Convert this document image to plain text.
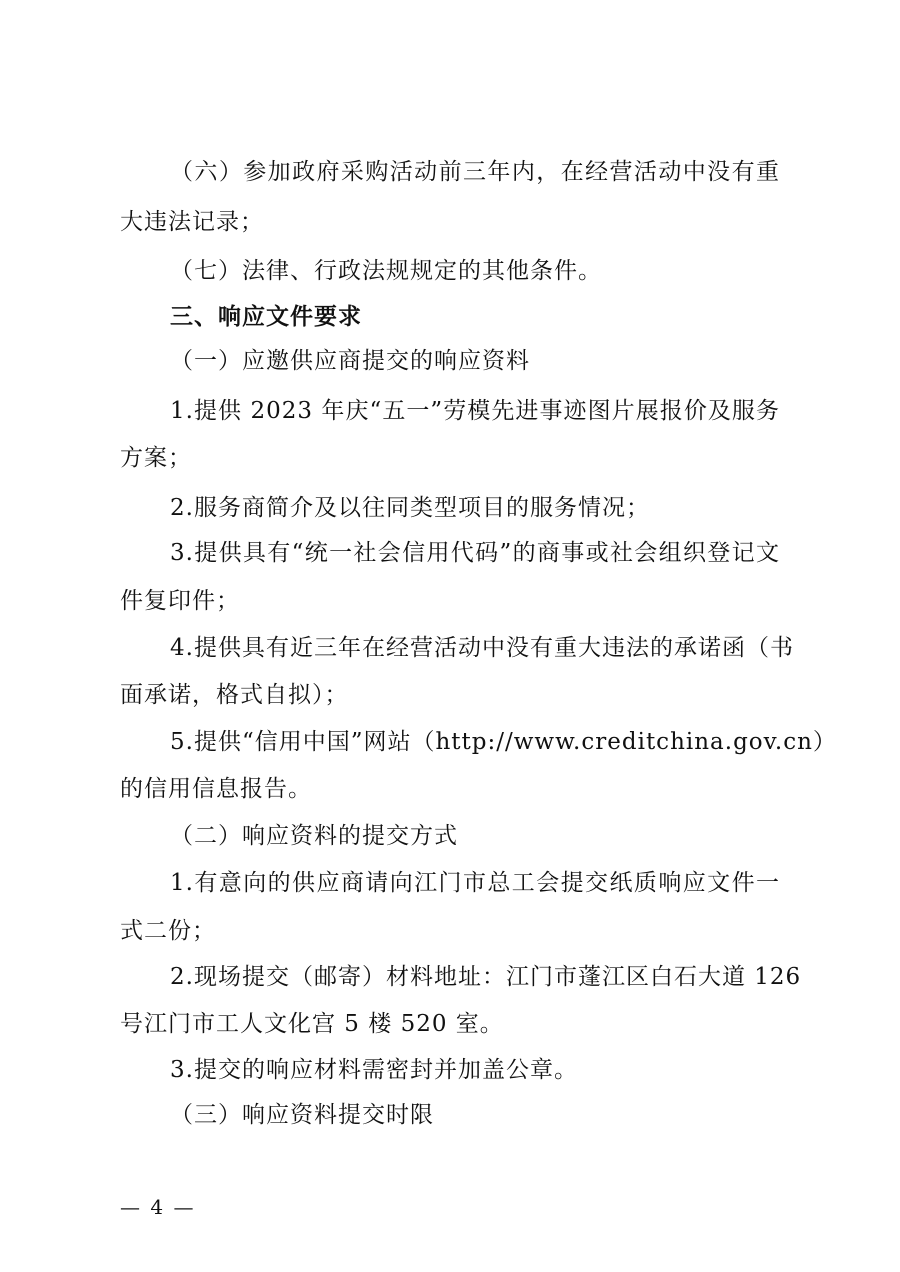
（六）参加政府采购活动前三年内，在经营活动中没有重
大违法记录；
（七）法律、行政法规规定的其他条件。
三、响应文件要求
（一）应邀供应商提交的响应资料
1.提供 2023 年庆“五一”劳模先进事迹图片展报价及服务
方案；
2.服务商简介及以往同类型项目的服务情况；
3.提供具有“统一社会信用代码”的商事或社会组织登记文
件复印件；
4.提供具有近三年在经营活动中没有重大违法的承诺函（书
面承诺，格式自拟）；
5.提供“信用中国”网站（http://www.creditchina.gov.cn）
的信用信息报告。
（二）响应资料的提交方式
1.有意向的供应商请向江门市总工会提交纸质响应文件一
式二份；
2.现场提交（邮寄）材料地址：江门市蓬江区白石大道 126
号江门市工人文化宫 5 楼 520 室。
3.提交的响应材料需密封并加盖公章。
（三）响应资料提交时限
— 4 —
